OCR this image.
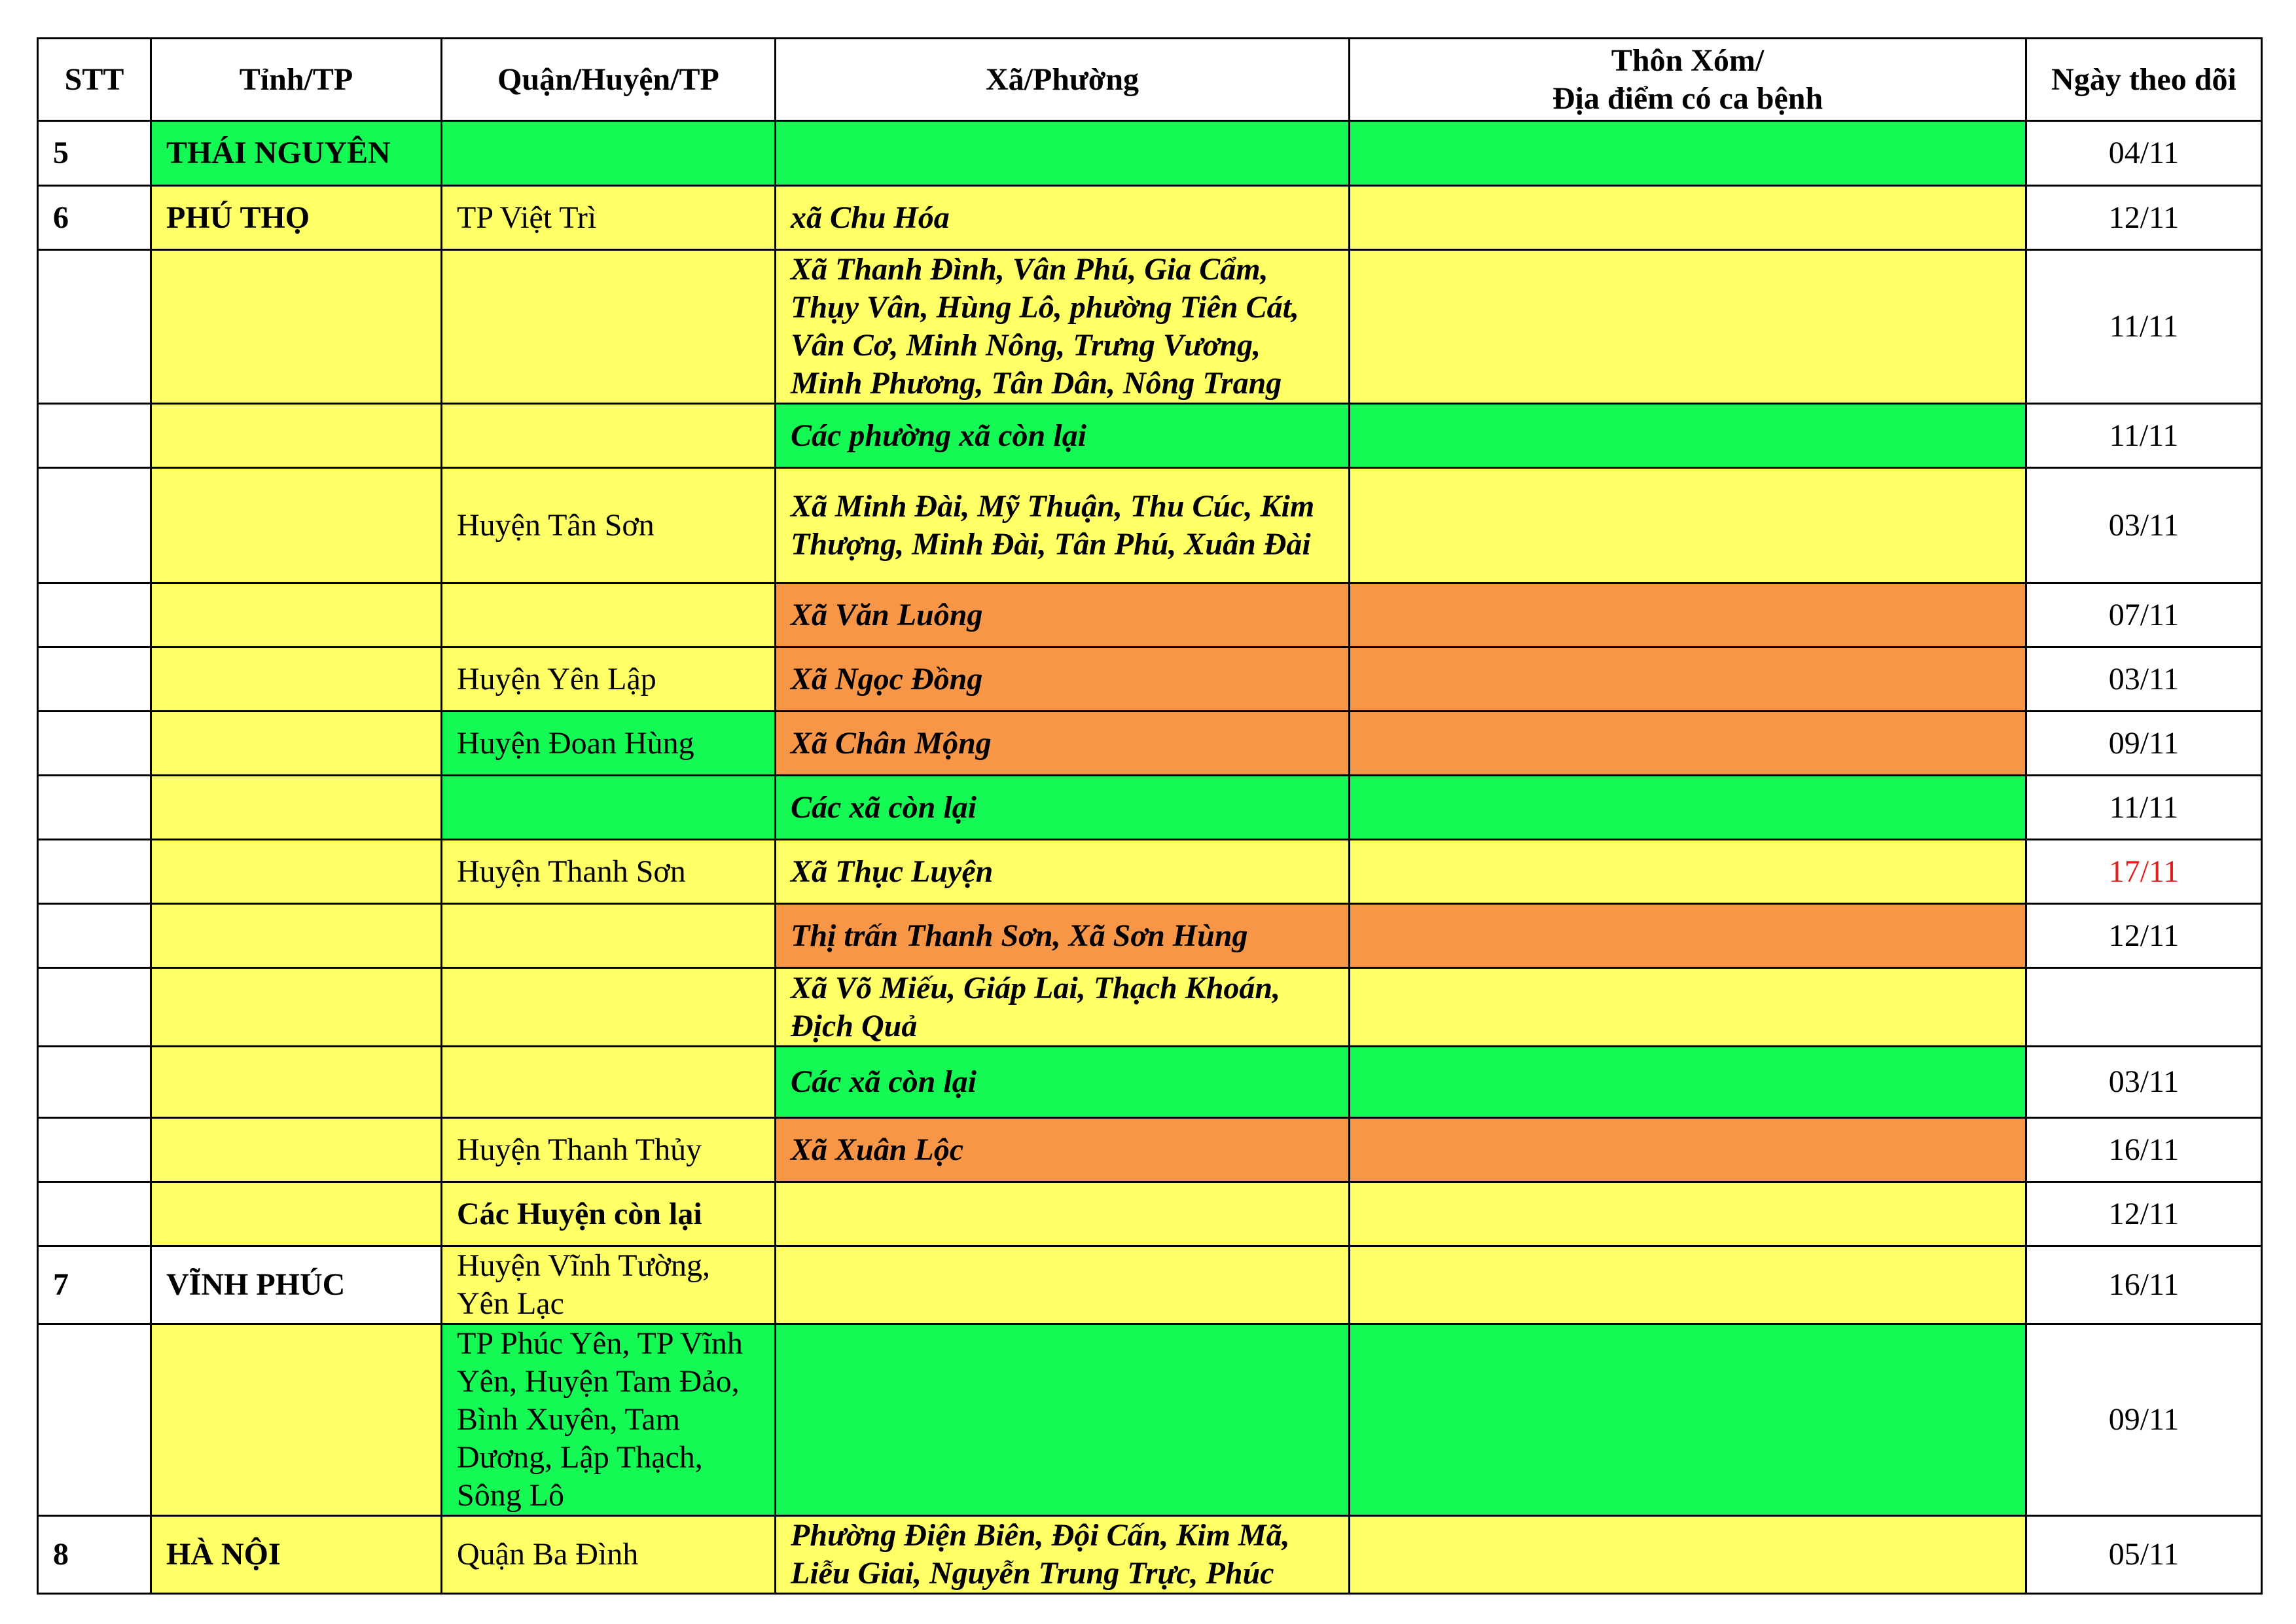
STT	Tỉnh/TP	Quận/Huyện/TP	Xã/Phường	Thôn Xóm/
Địa điểm có ca bệnh	Ngày theo dõi
5	THÁI NGUYÊN				04/11
6	PHÚ THỌ	TP Việt Trì	xã Chu Hóa		12/11
			Xã Thanh Đình, Vân Phú, Gia Cẩm, Thụy Vân, Hùng Lô, phường Tiên Cát, Vân Cơ, Minh Nông, Trưng Vương, Minh Phương, Tân Dân, Nông Trang		11/11
			Các phường xã còn lại		11/11
		Huyện Tân Sơn	Xã Minh Đài, Mỹ Thuận, Thu Cúc, Kim Thượng, Minh Đài, Tân Phú, Xuân Đài		03/11
			Xã Văn Luông		07/11
		Huyện Yên Lập	Xã Ngọc Đồng		03/11
		Huyện Đoan Hùng	Xã Chân Mộng		09/11
			Các xã còn lại		11/11
		Huyện Thanh Sơn	Xã Thục Luyện		17/11
			Thị trấn Thanh Sơn, Xã Sơn Hùng		12/11
			Xã Võ Miếu, Giáp Lai, Thạch Khoán, Địch Quả		
			Các xã còn lại		03/11
		Huyện Thanh Thủy	Xã Xuân Lộc		16/11
		Các Huyện còn lại			12/11
7	VĨNH PHÚC	Huyện Vĩnh Tường, Yên Lạc			16/11
		TP Phúc Yên, TP Vĩnh Yên, Huyện Tam Đảo, Bình Xuyên, Tam Dương, Lập Thạch, Sông Lô			09/11
8	HÀ NỘI	Quận Ba Đình	Phường Điện Biên, Đội Cấn, Kim Mã, Liễu Giai, Nguyễn Trung Trực, Phúc		05/11
